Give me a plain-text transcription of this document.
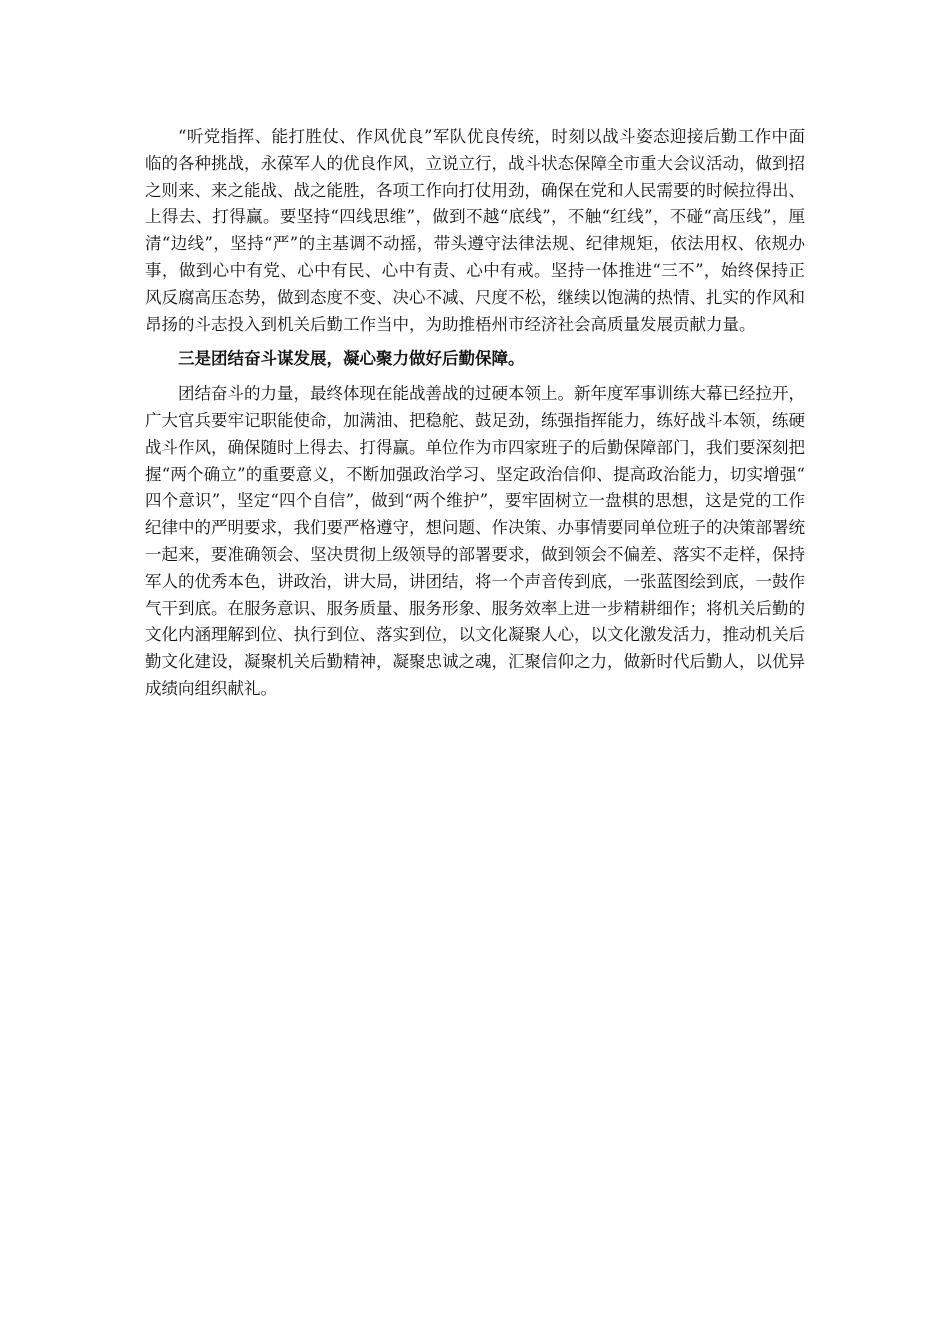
“听党指挥、能打胜仗、作风优良”军队优良传统，时刻以战斗姿态迎接后勤工作中面临的各种挑战，永葆军人的优良作风，立说立行，战斗状态保障全市重大会议活动，做到招之则来、来之能战、战之能胜，各项工作向打仗用劲，确保在党和人民需要的时候拉得出、上得去、打得赢。要坚持“四线思维”，做到不越“底线”，不触“红线”，不碰“高压线”，厘清“边线”，坚持“严”的主基调不动摇，带头遵守法律法规、纪律规矩，依法用权、依规办事，做到心中有党、心中有民、心中有责、心中有戒。坚持一体推进“三不”，始终保持正风反腐高压态势，做到态度不变、决心不减、尺度不松，继续以饱满的热情、扎实的作风和昂扬的斗志投入到机关后勤工作当中，为助推梧州市经济社会高质量发展贡献力量。

三是团结奋斗谋发展，凝心聚力做好后勤保障。

团结奋斗的力量，最终体现在能战善战的过硬本领上。新年度军事训练大幕已经拉开，广大官兵要牢记职能使命，加满油、把稳舵、鼓足劲，练强指挥能力，练好战斗本领，练硬战斗作风，确保随时上得去、打得赢。单位作为市四家班子的后勤保障部门，我们要深刻把握“两个确立”的重要意义，不断加强政治学习、坚定政治信仰、提高政治能力，切实增强“四个意识”，坚定“四个自信”，做到“两个维护”，要牢固树立一盘棋的思想，这是党的工作纪律中的严明要求，我们要严格遵守，想问题、作决策、办事情要同单位班子的决策部署统一起来，要准确领会、坚决贯彻上级领导的部署要求，做到领会不偏差、落实不走样，保持军人的优秀本色，讲政治，讲大局，讲团结，将一个声音传到底，一张蓝图绘到底，一鼓作气干到底。在服务意识、服务质量、服务形象、服务效率上进一步精耕细作；将机关后勤的文化内涵理解到位、执行到位、落实到位，以文化凝聚人心，以文化激发活力，推动机关后勤文化建设，凝聚机关后勤精神，凝聚忠诚之魂，汇聚信仰之力，做新时代后勤人，以优异成绩向组织献礼。
